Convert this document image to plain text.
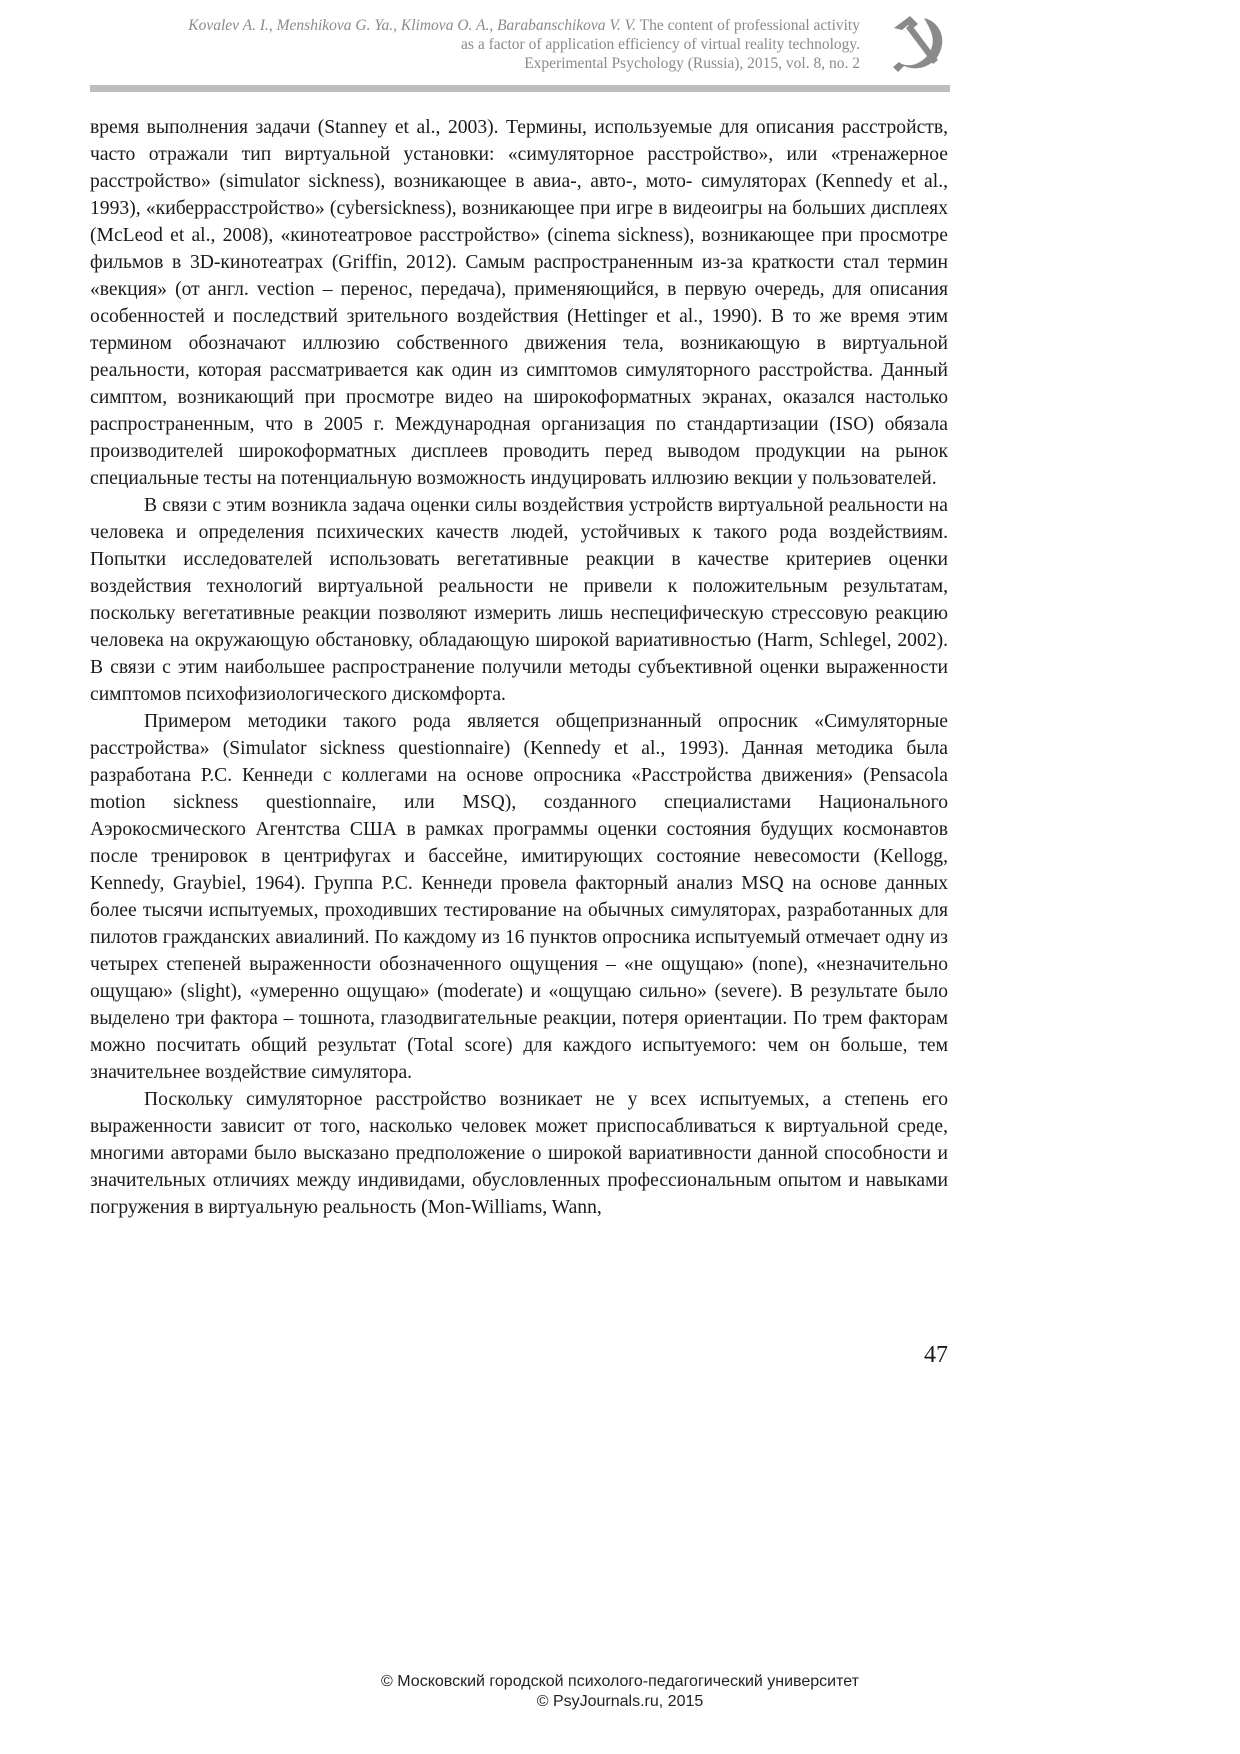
Kovalev A. I., Menshikova G. Ya., Klimova O. A., Barabanschikova V. V. The content of professional activity
as a factor of application efficiency of virtual reality technology.
Experimental Psychology (Russia), 2015, vol. 8, no. 2

время выполнения задачи (Stanney et al., 2003). Термины, используемые для описания расстройств, часто отражали тип виртуальной установки: «симуляторное расстройство», или «тренажерное расстройство» (simulator sickness), возникающее в авиа-, авто-, мото- симуляторах (Kennedy et al., 1993), «киберрасстройство» (cybersickness), возникающее при игре в видеоигры на больших дисплеях (McLeod et al., 2008), «кинотеатровое расстройство» (cinema sickness), возникающее при просмотре фильмов в 3D-кинотеатрах (Griffin, 2012). Самым распространенным из-за краткости стал термин «векция» (от англ. vection – перенос, передача), применяющийся, в первую очередь, для описания особенностей и последствий зрительного воздействия (Hettinger et al., 1990). В то же время этим термином обозначают иллюзию собственного движения тела, возникающую в виртуальной реальности, которая рассматривается как один из симптомов симуляторного расстройства. Данный симптом, возникающий при просмотре видео на широкоформатных экранах, оказался настолько распространенным, что в 2005 г. Международная организация по стандартизации (ISO) обязала производителей широкоформатных дисплеев проводить перед выводом продукции на рынок специальные тесты на потенциальную возможность индуцировать иллюзию векции у пользователей.

В связи с этим возникла задача оценки силы воздействия устройств виртуальной реальности на человека и определения психических качеств людей, устойчивых к такого рода воздействиям. Попытки исследователей использовать вегетативные реакции в качестве критериев оценки воздействия технологий виртуальной реальности не привели к положительным результатам, поскольку вегетативные реакции позволяют измерить лишь неспецифическую стрессовую реакцию человека на окружающую обстановку, обладающую широкой вариативностью (Harm, Schlegel, 2002). В связи с этим наибольшее распространение получили методы субъективной оценки выраженности симптомов психофизиологического дискомфорта.

Примером методики такого рода является общепризнанный опросник «Симуляторные расстройства» (Simulator sickness questionnaire) (Kennedy et al., 1993). Данная методика была разработана Р.С. Кеннеди с коллегами на основе опросника «Расстройства движения» (Pensacola motion sickness questionnaire, или MSQ), созданного специалистами Национального Аэрокосмического Агентства США в рамках программы оценки состояния будущих космонавтов после тренировок в центрифугах и бассейне, имитирующих состояние невесомости (Kellogg, Kennedy, Graybiel, 1964). Группа Р.С. Кеннеди провела факторный анализ MSQ на основе данных более тысячи испытуемых, проходивших тестирование на обычных симуляторах, разработанных для пилотов гражданских авиалиний. По каждому из 16 пунктов опросника испытуемый отмечает одну из четырех степеней выраженности обозначенного ощущения – «не ощущаю» (none), «незначительно ощущаю» (slight), «умеренно ощущаю» (moderate) и «ощущаю сильно» (severe). В результате было выделено три фактора – тошнота, глазодвигательные реакции, потеря ориентации. По трем факторам можно посчитать общий результат (Total score) для каждого испытуемого: чем он больше, тем значительнее воздействие симулятора.

Поскольку симуляторное расстройство возникает не у всех испытуемых, а степень его выраженности зависит от того, насколько человек может приспосабливаться к виртуальной среде, многими авторами было высказано предположение о широкой вариативности данной способности и значительных отличиях между индивидами, обусловленных профессиональным опытом и навыками погружения в виртуальную реальность (Mon-Williams, Wann,

47
© Московский городской психолого-педагогический университет
© PsyJournals.ru, 2015
